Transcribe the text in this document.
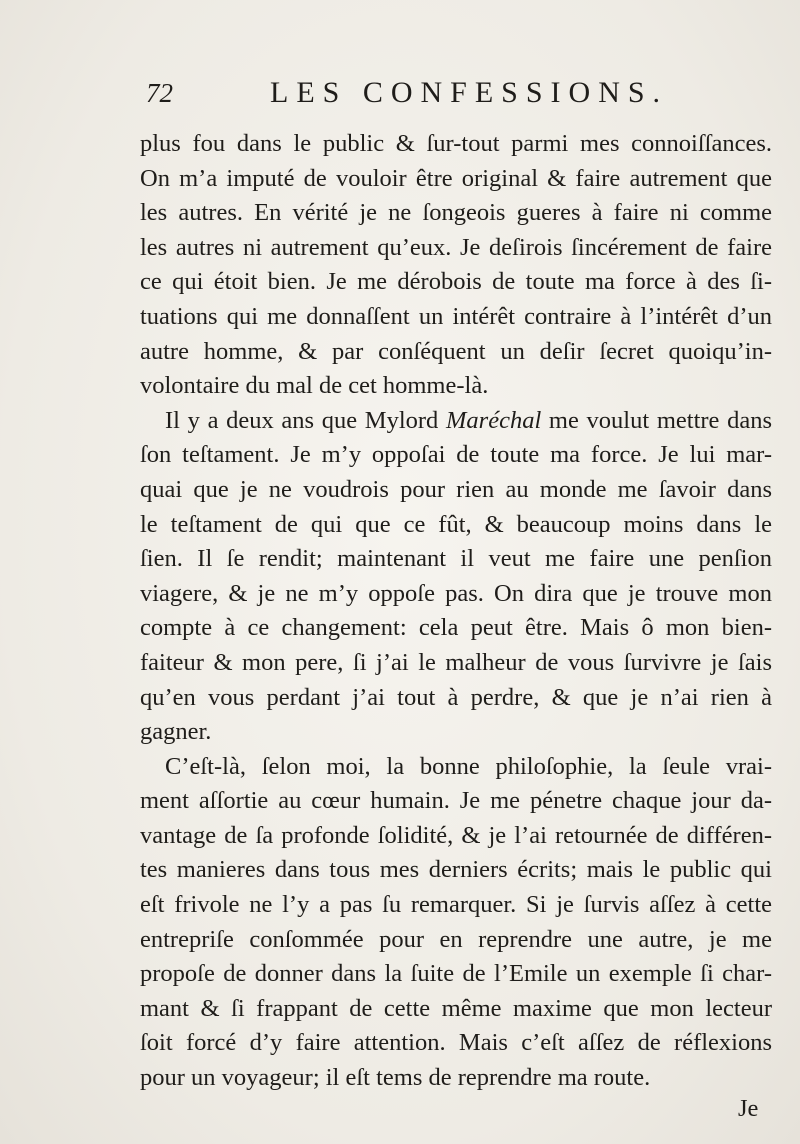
72	LES CONFESSIONS.
plus fou dans le public & ſur-tout parmi mes connoiſſances.
On m’a imputé de vouloir être original & faire autrement que
les autres. En vérité je ne ſongeois gueres à faire ni comme
les autres ni autrement qu’eux. Je deſirois ſincérement de faire
ce qui étoit bien. Je me dérobois de toute ma force à des ſi-
tuations qui me donnaſſent un intérêt contraire à l’intérêt d’un
autre homme, & par conſéquent un deſir ſecret quoiqu’in-
volontaire du mal de cet homme-là.
Il y a deux ans que Mylord Maréchal me voulut mettre dans
ſon teſtament. Je m’y oppoſai de toute ma force. Je lui mar-
quai que je ne voudrois pour rien au monde me ſavoir dans
le teſtament de qui que ce fût, & beaucoup moins dans le
ſien. Il ſe rendit; maintenant il veut me faire une penſion
viagere, & je ne m’y oppoſe pas. On dira que je trouve mon
compte à ce changement: cela peut être. Mais ô mon bien-
faiteur & mon pere, ſi j’ai le malheur de vous ſurvivre je ſais
qu’en vous perdant j’ai tout à perdre, & que je n’ai rien à
gagner.
C’eſt-là, ſelon moi, la bonne philoſophie, la ſeule vrai-
ment aſſortie au cœur humain. Je me pénetre chaque jour da-
vantage de ſa profonde ſolidité, & je l’ai retournée de différen-
tes manieres dans tous mes derniers écrits; mais le public qui
eſt frivole ne l’y a pas ſu remarquer. Si je ſurvis aſſez à cette
entrepriſe conſommée pour en reprendre une autre, je me
propoſe de donner dans la ſuite de l’Emile un exemple ſi char-
mant & ſi frappant de cette même maxime que mon lecteur
ſoit forcé d’y faire attention. Mais c’eſt aſſez de réflexions
pour un voyageur; il eſt tems de reprendre ma route.
Je
